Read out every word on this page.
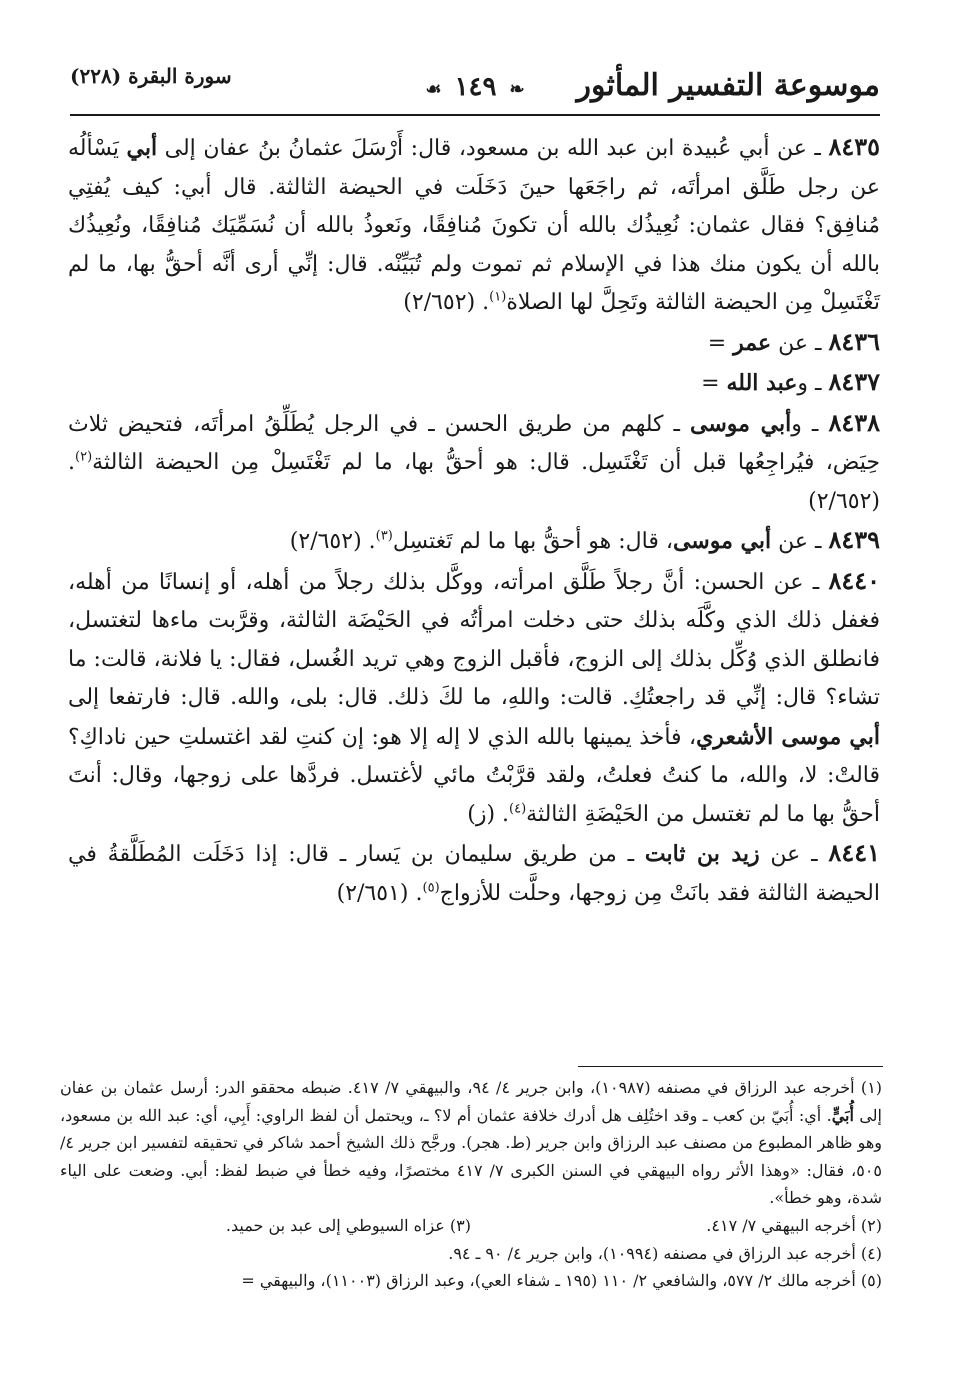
موسوعة التفسير المأثور
❧ ١٤٩ ☙
سورة البقرة (٢٢٨)

٨٤٣٥ ـ عن أبي عُبيدة ابن عبد الله بن مسعود، قال: أَرْسَلَ عثمانُ بنُ عفان إلى أبي يَسْألُه عن رجل طَلَّق امرأتَه، ثم راجَعَها حينَ دَخَلَت في الحيضة الثالثة. قال أبي: كيف يُفتِي مُنافِق؟ فقال عثمان: نُعِيذُك بالله أن تكونَ مُنافِقًا، ونَعوذُ بالله أن نُسَمِّيَك مُنافِقًا، ونُعِيذُك بالله أن يكون منك هذا في الإسلام ثم تموت ولم تُبَيِّنْه. قال: إنِّي أرى أنَّه أحقُّ بها، ما لم تَغْتَسِلْ مِن الحيضة الثالثة وتَحِلَّ لها الصلاة$^{(١)}$. (٢/٦٥٢)

٨٤٣٦ ـ عن عمر =

٨٤٣٧ ـ وعبد الله =

٨٤٣٨ ـ وأبي موسى ـ كلهم من طريق الحسن ـ في الرجل يُطَلِّقُ امرأتَه، فتحيض ثلاث حِيَض، فيُراجِعُها قبل أن تَغْتَسِل. قال: هو أحقُّ بها، ما لم تَغْتَسِلْ مِن الحيضة الثالثة$^{(٢)}$. (٢/٦٥٢)

٨٤٣٩ ـ عن أبي موسى، قال: هو أحقُّ بها ما لم تَغتسِل$^{(٣)}$. (٢/٦٥٢)

٨٤٤٠ ـ عن الحسن: أنَّ رجلاً طَلَّق امرأته، ووكَّل بذلك رجلاً من أهله، أو إنسانًا من أهله، فغفل ذلك الذي وكَّلَه بذلك حتى دخلت امرأتُه في الحَيْضَة الثالثة، وقرَّبت ماءها لتغتسل، فانطلق الذي وُكِّل بذلك إلى الزوج، فأقبل الزوج وهي تريد الغُسل، فقال: يا فلانة، قالت: ما تشاء؟ قال: إنِّي قد راجعتُكِ. قالت: واللهِ، ما لكَ ذلك. قال: بلى، والله. قال: فارتفعا إلى أبي موسى الأشعري، فأخذ يمينها بالله الذي لا إله إلا هو: إن كنتِ لقد اغتسلتِ حين ناداكِ؟ قالتْ: لا، والله، ما كنتُ فعلتُ، ولقد قرَّبْتُ مائي لأغتسل. فردَّها على زوجها، وقال: أنتَ أحقُّ بها ما لم تغتسل من الحَيْضَةِ الثالثة$^{(٤)}$. (ز)

٨٤٤١ ـ عن زيد بن ثابت ـ من طريق سليمان بن يَسار ـ قال: إذا دَخَلَت المُطَلَّقةُ في الحيضة الثالثة فقد بانَتْ مِن زوجها، وحلَّت للأزواج$^{(٥)}$. (٢/٦٥١)

(١) أخرجه عبد الرزاق في مصنفه (١٠٩٨٧)، وابن جرير ٤/ ٩٤، والبيهقي ٧/ ٤١٧. ضبطه محققو الدر: أرسل عثمان بن عفان إلى أُبَيٍّ. أي: أُبَيّ بن كعب ـ وقد اختُلِف هل أدرك خلافة عثمان أم لا؟ ـ، ويحتمل أن لفظ الراوي: أَبِي، أي: عبد الله بن مسعود، وهو ظاهر المطبوع من مصنف عبد الرزاق وابن جرير (ط. هجر). ورجَّح ذلك الشيخ أحمد شاكر في تحقيقه لتفسير ابن جرير ٤/ ٥٠٥، فقال: «وهذا الأثر رواه البيهقي في السنن الكبرى ٧/ ٤١٧ مختصرًا، وفيه خطأ في ضبط لفظ: أبي. وضعت على الياء شدة، وهو خطأ».

(٢) أخرجه البيهقي ٧/ ٤١٧.
(٣) عزاه السيوطي إلى عبد بن حميد.

(٤) أخرجه عبد الرزاق في مصنفه (١٠٩٩٤)، وابن جرير ٤/ ٩٠ ـ ٩٤.

(٥) أخرجه مالك ٢/ ٥٧٧، والشافعي ٢/ ١١٠ (١٩٥ ـ شفاء العي)، وعبد الرزاق (١١٠٠٣)، والبيهقي =
